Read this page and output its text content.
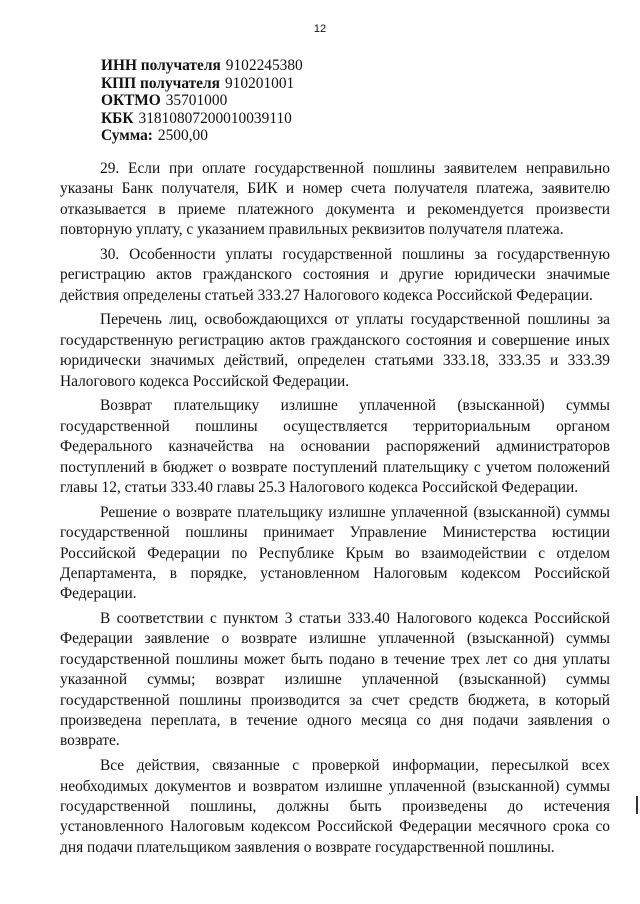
12
ИНН получателя 9102245380
КПП получателя 910201001
ОКТМО 35701000
КБК 31810807200010039110
Сумма: 2500,00

29. Если при оплате государственной пошлины заявителем неправильно указаны Банк получателя, БИК и номер счета получателя платежа, заявителю отказывается в приеме платежного документа и рекомендуется произвести повторную уплату, с указанием правильных реквизитов получателя платежа.

30. Особенности уплаты государственной пошлины за государственную регистрацию актов гражданского состояния и другие юридически значимые действия определены статьей 333.27 Налогового кодекса Российской Федерации.

Перечень лиц, освобождающихся от уплаты государственной пошлины за государственную регистрацию актов гражданского состояния и совершение иных юридически значимых действий, определен статьями 333.18, 333.35 и 333.39 Налогового кодекса Российской Федерации.

Возврат плательщику излишне уплаченной (взысканной) суммы государственной пошлины осуществляется территориальным органом Федерального казначейства на основании распоряжений администраторов поступлений в бюджет о возврате поступлений плательщику с учетом положений главы 12, статьи 333.40 главы 25.3 Налогового кодекса Российской Федерации.

Решение о возврате плательщику излишне уплаченной (взысканной) суммы государственной пошлины принимает Управление Министерства юстиции Российской Федерации по Республике Крым во взаимодействии с отделом Департамента, в порядке, установленном Налоговым кодексом Российской Федерации.

В соответствии с пунктом 3 статьи 333.40 Налогового кодекса Российской Федерации заявление о возврате излишне уплаченной (взысканной) суммы государственной пошлины может быть подано в течение трех лет со дня уплаты указанной суммы; возврат излишне уплаченной (взысканной) суммы государственной пошлины производится за счет средств бюджета, в который произведена переплата, в течение одного месяца со дня подачи заявления о возврате.

Все действия, связанные с проверкой информации, пересылкой всех необходимых документов и возвратом излишне уплаченной (взысканной) суммы государственной пошлины, должны быть произведены до истечения установленного Налоговым кодексом Российской Федерации месячного срока со дня подачи плательщиком заявления о возврате государственной пошлины.
